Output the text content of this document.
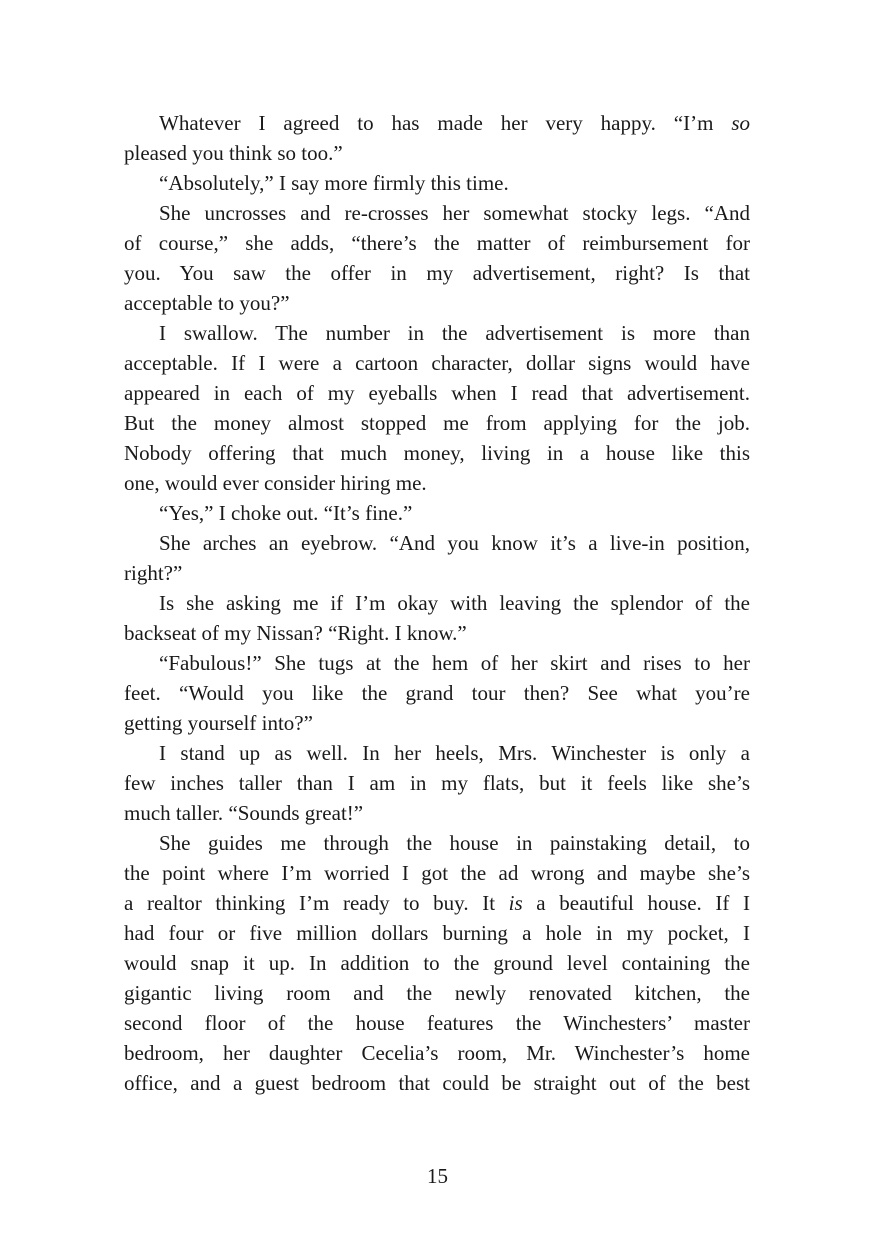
Whatever I agreed to has made her very happy. “I’m so
pleased you think so too.”
“Absolutely,” I say more firmly this time.
She uncrosses and re-crosses her somewhat stocky legs. “And
of course,” she adds, “there’s the matter of reimbursement for
you. You saw the offer in my advertisement, right? Is that
acceptable to you?”
I swallow. The number in the advertisement is more than
acceptable. If I were a cartoon character, dollar signs would have
appeared in each of my eyeballs when I read that advertisement.
But the money almost stopped me from applying for the job.
Nobody offering that much money, living in a house like this
one, would ever consider hiring me.
“Yes,” I choke out. “It’s fine.”
She arches an eyebrow. “And you know it’s a live-in position,
right?”
Is she asking me if I’m okay with leaving the splendor of the
backseat of my Nissan? “Right. I know.”
“Fabulous!” She tugs at the hem of her skirt and rises to her
feet. “Would you like the grand tour then? See what you’re
getting yourself into?”
I stand up as well. In her heels, Mrs. Winchester is only a
few inches taller than I am in my flats, but it feels like she’s
much taller. “Sounds great!”
She guides me through the house in painstaking detail, to
the point where I’m worried I got the ad wrong and maybe she’s
a realtor thinking I’m ready to buy. It is a beautiful house. If I
had four or five million dollars burning a hole in my pocket, I
would snap it up. In addition to the ground level containing the
gigantic living room and the newly renovated kitchen, the
second floor of the house features the Winchesters’ master
bedroom, her daughter Cecelia’s room, Mr. Winchester’s home
office, and a guest bedroom that could be straight out of the best
15
